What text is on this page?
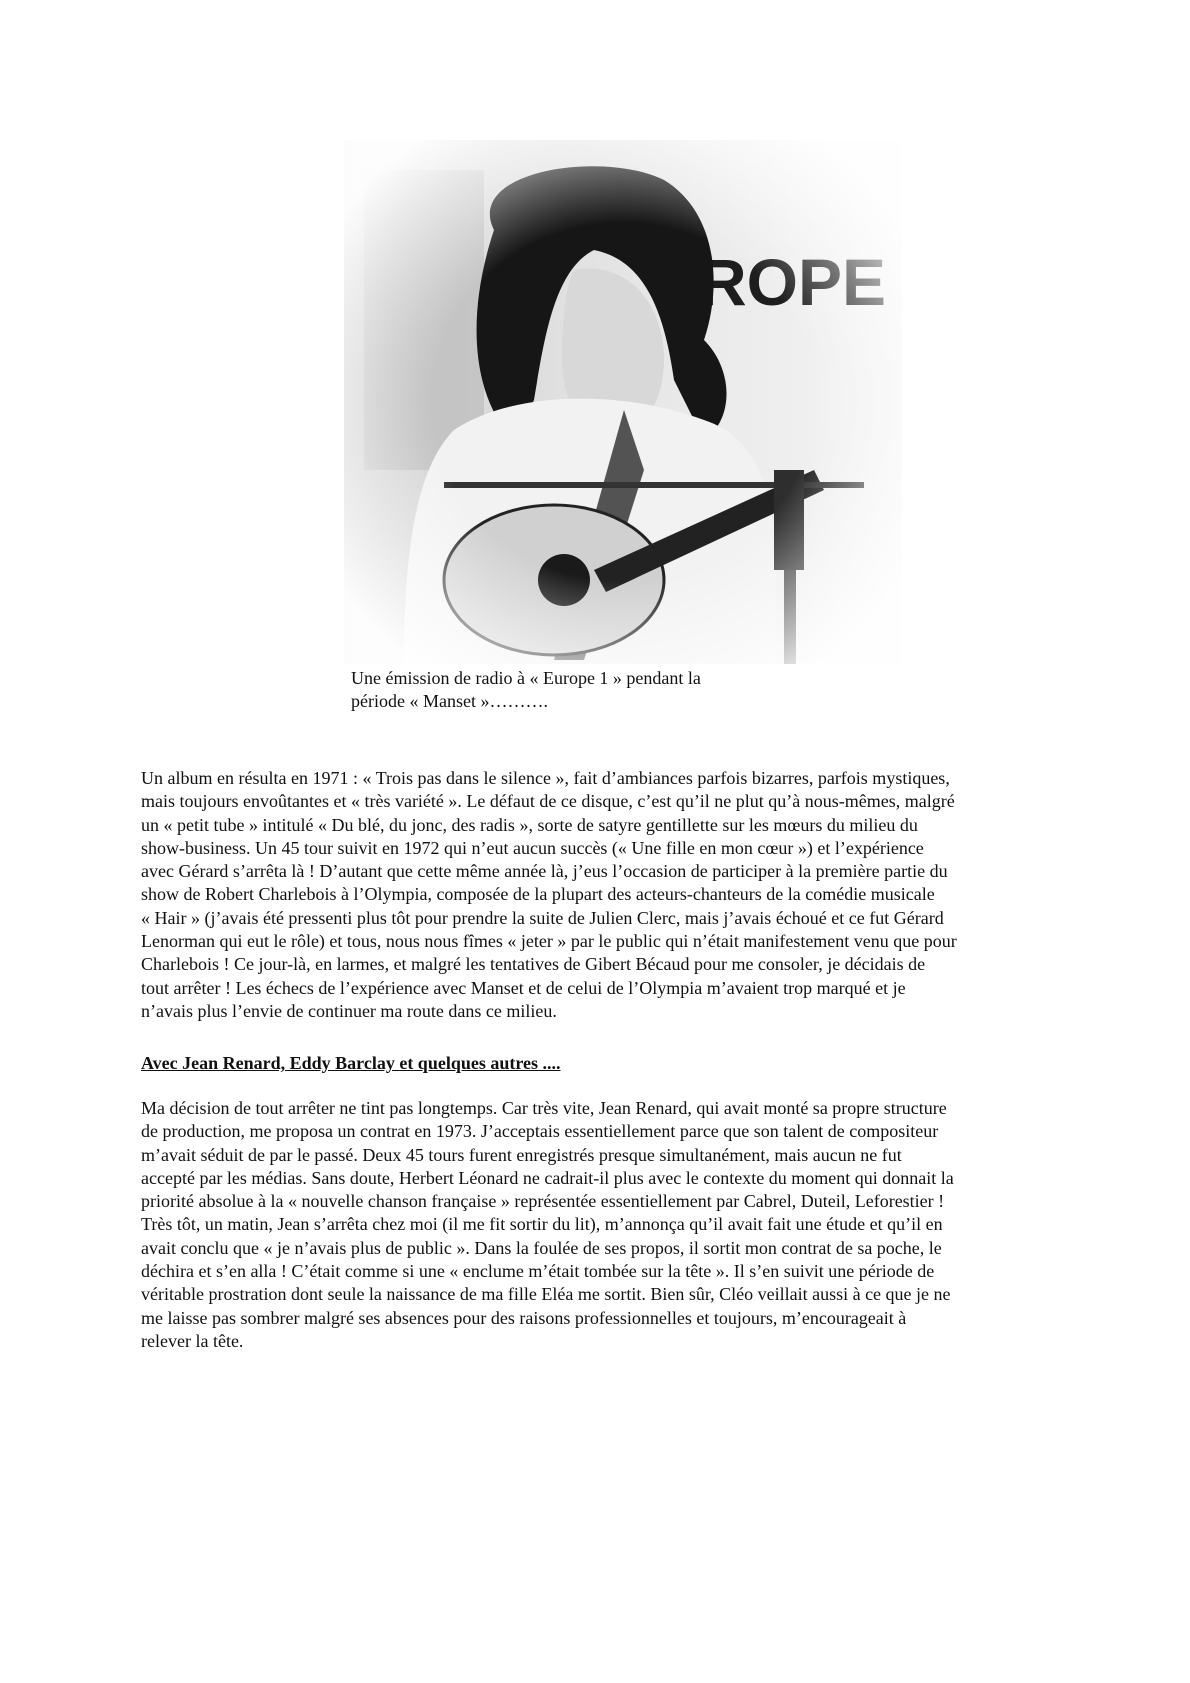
Une émission de radio à « Europe 1 » pendant la
période « Manset »……….
Un album en résulta en 1971 : « Trois pas dans le silence », fait d’ambiances parfois bizarres, parfois mystiques,
mais toujours envoûtantes et « très variété ». Le défaut de ce disque, c’est qu’il ne plut qu’à nous-mêmes, malgré
un « petit tube » intitulé « Du blé, du jonc, des radis », sorte de satyre gentillette sur les mœurs du milieu du
show-business. Un 45 tour suivit en 1972 qui n’eut aucun succès (« Une fille en mon cœur ») et l’expérience
avec Gérard s’arrêta là ! D’autant que cette même année là, j’eus l’occasion de participer à la première partie du
show de Robert Charlebois à l’Olympia, composée de la plupart des acteurs-chanteurs de la comédie musicale
« Hair » (j’avais été pressenti plus tôt pour prendre la suite de Julien Clerc, mais j’avais échoué et ce fut Gérard
Lenorman qui eut le rôle) et tous, nous nous fîmes « jeter » par le public qui n’était manifestement venu que pour
Charlebois ! Ce jour-là, en larmes, et malgré les tentatives de Gibert Bécaud pour me consoler, je décidais de
tout arrêter ! Les échecs de l’expérience avec Manset et de celui de l’Olympia m’avaient trop marqué et je
n’avais plus l’envie de continuer ma route dans ce milieu.
Avec Jean Renard, Eddy Barclay et quelques autres ....
Ma décision de tout arrêter ne tint pas longtemps. Car très vite, Jean Renard, qui avait monté sa propre structure
de production, me proposa un contrat en 1973. J’acceptais essentiellement parce que son talent de compositeur
m’avait séduit de par le passé. Deux 45 tours furent enregistrés presque simultanément, mais aucun ne fut
accepté par les médias. Sans doute, Herbert Léonard ne cadrait-il plus avec le contexte du moment qui donnait la
priorité absolue à la « nouvelle chanson française » représentée essentiellement par Cabrel, Duteil, Leforestier !
Très tôt, un matin, Jean s’arrêta chez moi (il me fit sortir du lit), m’annonça qu’il avait fait une étude et qu’il en
avait conclu que « je n’avais plus de public ». Dans la foulée de ses propos, il sortit mon contrat de sa poche, le
déchira et s’en alla ! C’était comme si une « enclume m’était tombée sur la tête ». Il s’en suivit une période de
véritable prostration dont seule la naissance de ma fille Eléa me sortit. Bien sûr, Cléo veillait aussi à ce que je ne
me laisse pas sombrer malgré ses absences pour des raisons professionnelles et toujours, m’encourageait à
relever la tête.
